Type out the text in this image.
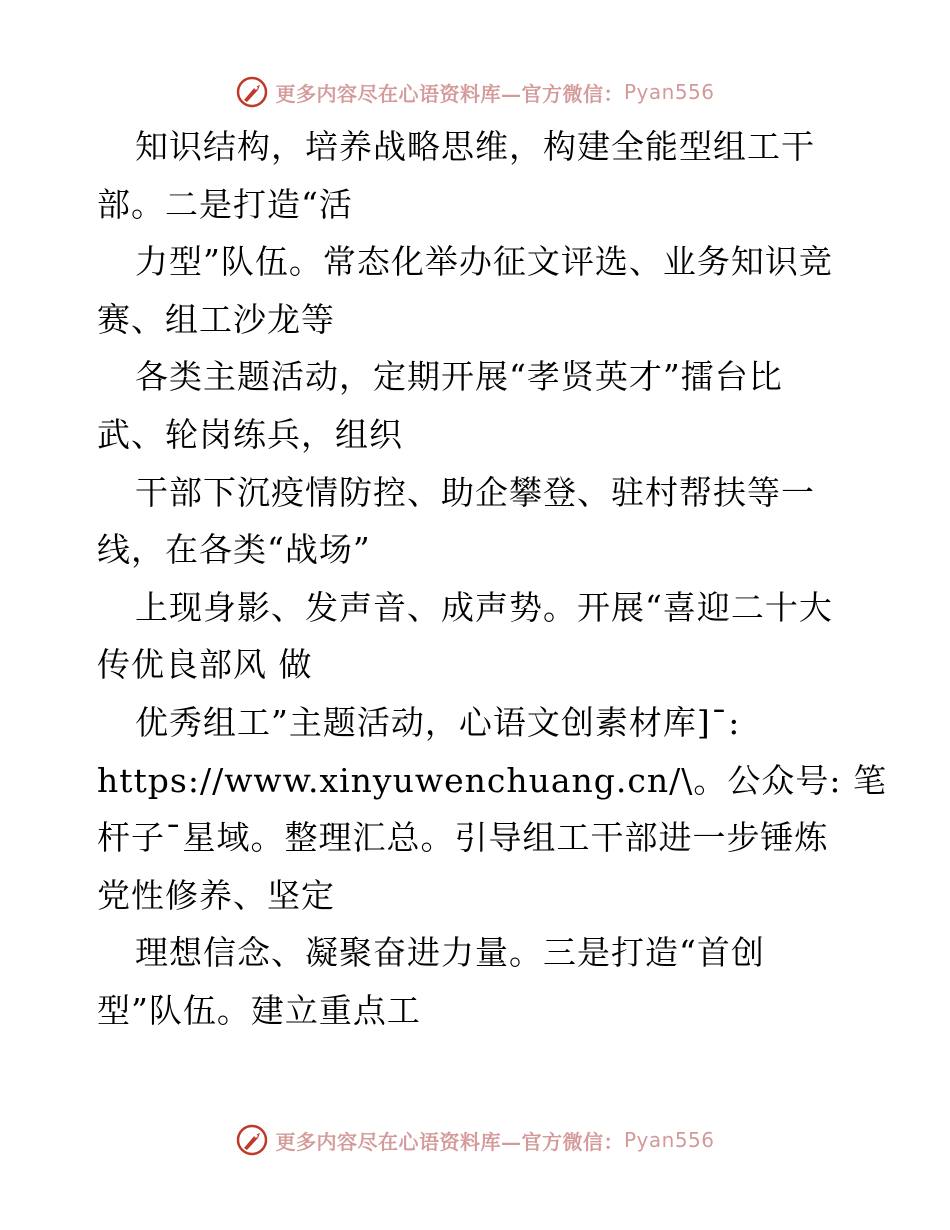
更多内容尽在心语资料库—官方微信： Pyan556
知识结构，培养战略思维，构建全能型组工干
部。二是打造“活
力型”队伍。常态化举办征文评选、业务知识竞
赛、组工沙龙等
各类主题活动，定期开展“孝贤英才”擂台比
武、轮岗练兵，组织
干部下沉疫情防控、助企攀登、驻村帮扶等一
线，在各类“战场”
上现身影、发声音、成声势。开展“喜迎二十大
传优良部风 做
优秀组工”主题活动，心语文创素材库]¯:
https://www.xinyuwenchuang.cn/\。公众号: 笔
杆子¯星域。整理汇总。引导组工干部进一步锤炼
党性修养、坚定
理想信念、凝聚奋进力量。三是打造“首创
型”队伍。建立重点工
更多内容尽在心语资料库—官方微信： Pyan556
